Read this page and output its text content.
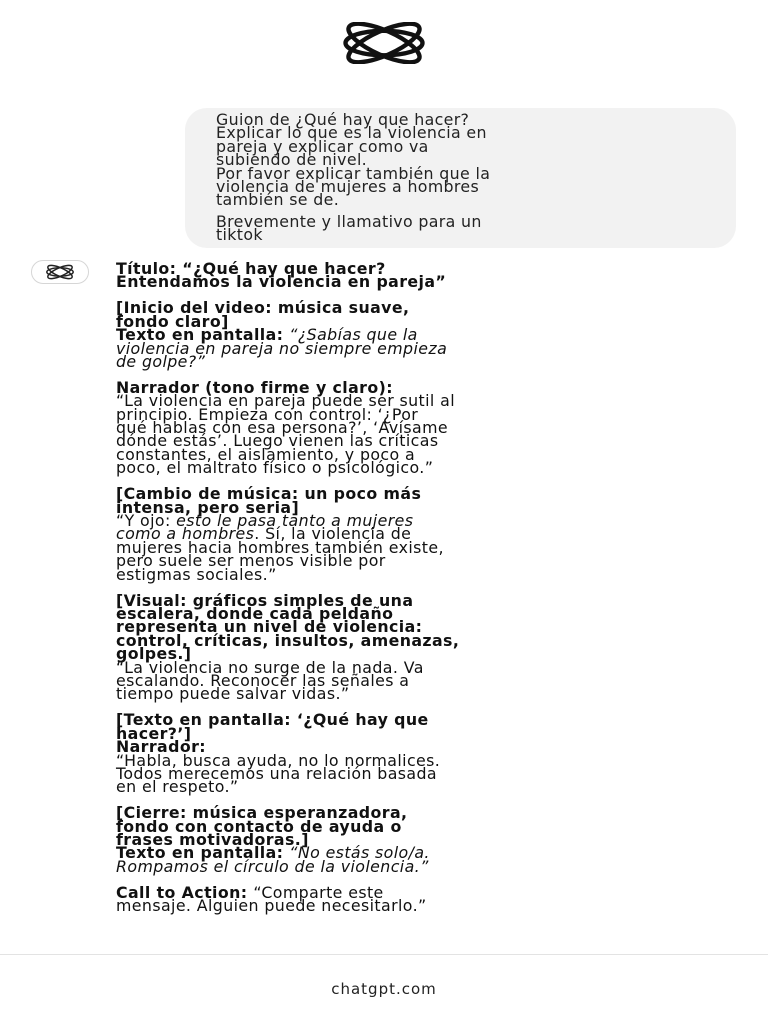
Guion de ¿Qué hay que hacer?
Explicar lo que es la violencia en
pareja y explicar como va
subiendo de nivel.
Por favor explicar también que la
violencia de mujeres a hombres
también se de.

Brevemente y llamativo para un
tiktok

Título: “¿Qué hay que hacer?
Entendamos la violencia en pareja”

[Inicio del video: música suave,
fondo claro]
Texto en pantalla: “¿Sabías que la
violencia en pareja no siempre empieza
de golpe?”

Narrador (tono firme y claro):
“La violencia en pareja puede ser sutil al
principio. Empieza con control: ‘¿Por
qué hablas con esa persona?’, ‘Avísame
dónde estás’. Luego vienen las críticas
constantes, el aislamiento, y poco a
poco, el maltrato físico o psicológico.”

[Cambio de música: un poco más
intensa, pero seria]
“Y ojo: esto le pasa tanto a mujeres
como a hombres. Sí, la violencia de
mujeres hacia hombres también existe,
pero suele ser menos visible por
estigmas sociales.”

[Visual: gráficos simples de una
escalera, donde cada peldaño
representa un nivel de violencia:
control, críticas, insultos, amenazas,
golpes.]
“La violencia no surge de la nada. Va
escalando. Reconocer las señales a
tiempo puede salvar vidas.”

[Texto en pantalla: ‘¿Qué hay que
hacer?’]
Narrador:
“Habla, busca ayuda, no lo normalices.
Todos merecemos una relación basada
en el respeto.”

[Cierre: música esperanzadora,
fondo con contacto de ayuda o
frases motivadoras.]
Texto en pantalla: “No estás solo/a.
Rompamos el círculo de la violencia.”

Call to Action: “Comparte este
mensaje. Alguien puede necesitarlo.”

chatgpt.com
